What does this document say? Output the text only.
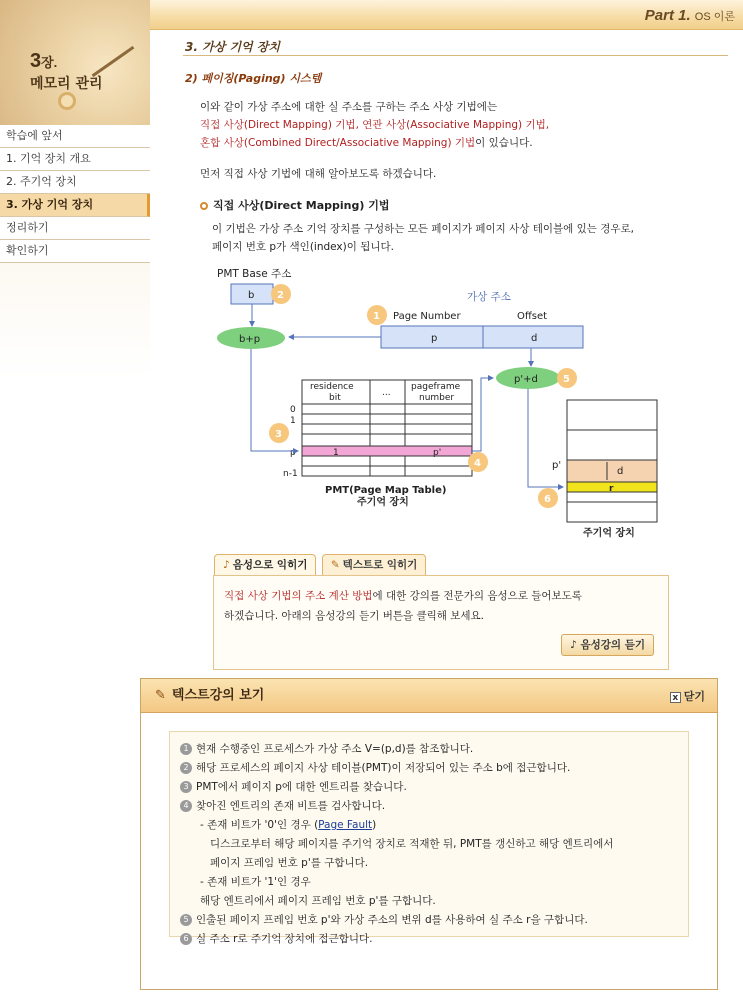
Part 1. OS 이론
3장.
메모리 관리
학습에 앞서
1. 기억 장치 개요
2. 주기억 장치
3. 가상 기억 장치
정리하기
확인하기
3. 가상 기억 장치
2) 페이징(Paging) 시스템
이와 같이 가상 주소에 대한 실 주소를 구하는 주소 사상 기법에는
직접 사상(Direct Mapping) 기법, 연관 사상(Associative Mapping) 기법,
혼합 사상(Combined Direct/Associative Mapping) 기법이 있습니다.
먼저 직접 사상 기법에 대해 알아보도록 하겠습니다.
직접 사상(Direct Mapping) 기법
이 기법은 가상 주소 기억 장치를 구성하는 모든 페이지가 페이지 사상 테이블에 있는 경우로,
페이지 번호 p가 색인(index)이 됩니다.
PMT Base 주소
b 2
b+p
가상 주소
1 Page Number	Offset
p	d
p'+d	5
residence
bit	...
pageframe
number
0
1
p
n-1
1	p'
3
4
PMT(Page Map Table)
주기억 장치
p'
d
r
6
주기억 장치
♪ 음성으로 익히기 ✎ 텍스트로 익히기
직접 사상 기법의 주소 계산 방법에 대한 강의를 전문가의 음성으로 들어보도록
하겠습니다. 아래의 음성강의 듣기 버튼을 클릭해 보세요.
♪ 음성강의 듣기
✎ 텍스트강의 보기	x 닫기
1 현재 수행중인 프로세스가 가상 주소 V=(p,d)를 참조합니다.
2 해당 프로세스의 페이지 사상 테이블(PMT)이 저장되어 있는 주소 b에 접근합니다.
3 PMT에서 페이지 p에 대한 엔트리를 찾습니다.
4 찾아진 엔트리의 존재 비트를 검사합니다.
- 존재 비트가 '0'인 경우 (Page Fault)
디스크로부터 해당 페이지를 주기억 장치로 적재한 뒤, PMT를 갱신하고 해당 엔트리에서
페이지 프레임 번호 p'를 구합니다.
- 존재 비트가 '1'인 경우
해당 엔트리에서 페이지 프레임 번호 p'를 구합니다.
5 인출된 페이지 프레임 번호 p'와 가상 주소의 변위 d를 사용하여 실 주소 r을 구합니다.
6 실 주소 r로 주기억 장치에 접근합니다.
